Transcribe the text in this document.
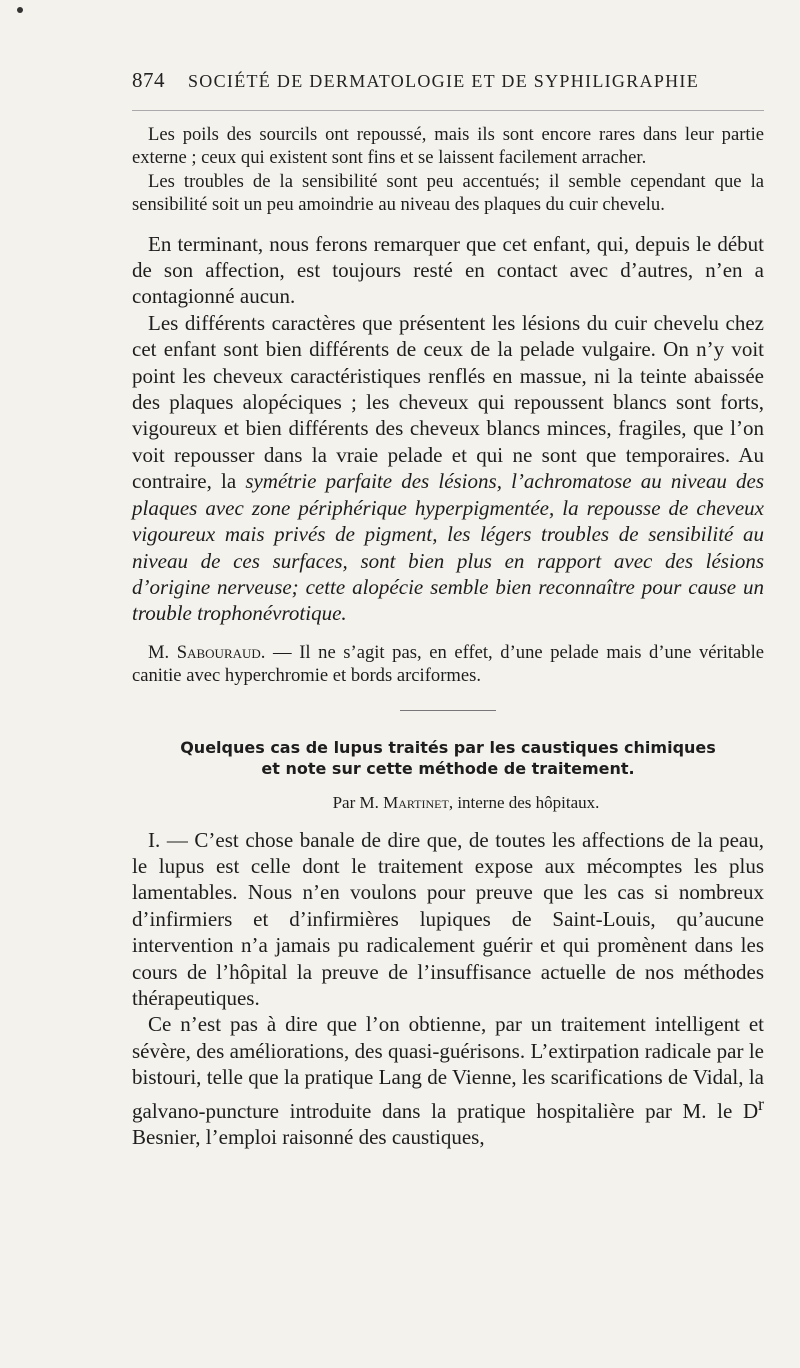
874	SOCIÉTÉ DE DERMATOLOGIE ET DE SYPHILIGRAPHIE

Les poils des sourcils ont repoussé, mais ils sont encore rares dans leur partie externe ; ceux qui existent sont fins et se laissent facilement arracher.

Les troubles de la sensibilité sont peu accentués; il semble cependant que la sensibilité soit un peu amoindrie au niveau des plaques du cuir chevelu.

En terminant, nous ferons remarquer que cet enfant, qui, depuis le début de son affection, est toujours resté en contact avec d’autres, n’en a contagionné aucun.

Les différents caractères que présentent les lésions du cuir chevelu chez cet enfant sont bien différents de ceux de la pelade vulgaire. On n’y voit point les cheveux caractéristiques renflés en massue, ni la teinte abaissée des plaques alopéciques ; les cheveux qui repoussent blancs sont forts, vigoureux et bien différents des cheveux blancs minces, fragiles, que l’on voit repousser dans la vraie pelade et qui ne sont que temporaires. Au contraire, la symétrie parfaite des lésions, l’achromatose au niveau des plaques avec zone périphérique hyperpigmentée, la repousse de cheveux vigoureux mais privés de pigment, les légers troubles de sensibilité au niveau de ces surfaces, sont bien plus en rapport avec des lésions d’origine nerveuse; cette alopécie semble bien reconnaître pour cause un trouble trophonévrotique.

M. Sabouraud. — Il ne s’agit pas, en effet, d’une pelade mais d’une véritable canitie avec hyperchromie et bords arciformes.

Quelques cas de lupus traités par les caustiques chimiques
et note sur cette méthode de traitement.
Par M. Martinet, interne des hôpitaux.

I. — C’est chose banale de dire que, de toutes les affections de la peau, le lupus est celle dont le traitement expose aux mécomptes les plus lamentables. Nous n’en voulons pour preuve que les cas si nombreux d’infirmiers et d’infirmières lupiques de Saint-Louis, qu’aucune intervention n’a jamais pu radicalement guérir et qui promènent dans les cours de l’hôpital la preuve de l’insuffisance actuelle de nos méthodes thérapeutiques.

Ce n’est pas à dire que l’on obtienne, par un traitement intelligent et sévère, des améliorations, des quasi-guérisons. L’extirpation radicale par le bistouri, telle que la pratique Lang de Vienne, les scarifications de Vidal, la galvano-puncture introduite dans la pratique hospitalière par M. le $D^r$ Besnier, l’emploi raisonné des caustiques,
